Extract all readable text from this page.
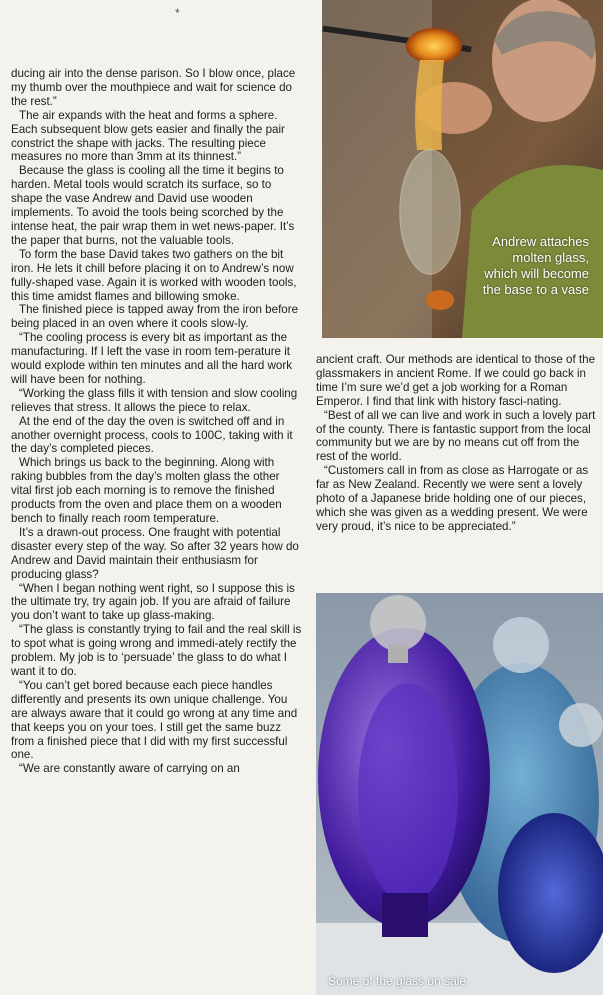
*

ducing air into the dense parison. So I blow once, place my thumb over the mouthpiece and wait for science do the rest.”

The air expands with the heat and forms a sphere. Each subsequent blow gets easier and finally the pair constrict the shape with jacks. The resulting piece measures no more than 3mm at its thinnest.”

Because the glass is cooling all the time it begins to harden. Metal tools would scratch its surface, so to shape the vase Andrew and David use wooden implements. To avoid the tools being scorched by the intense heat, the pair wrap them in wet news-paper. It’s the paper that burns, not the valuable tools.

To form the base David takes two gathers on the bit iron. He lets it chill before placing it on to Andrew’s now fully-shaped vase. Again it is worked with wooden tools, this time amidst flames and billowing smoke.

The finished piece is tapped away from the iron before being placed in an oven where it cools slow-ly.

“The cooling process is every bit as important as the manufacturing. If I left the vase in room tem-perature it would explode within ten minutes and all the hard work will have been for nothing.

“Working the glass fills it with tension and slow cooling relieves that stress. It allows the piece to relax.

At the end of the day the oven is switched off and in another overnight process, cools to 100C, taking with it the day’s completed pieces.

Which brings us back to the beginning. Along with raking bubbles from the day’s molten glass the other vital first job each morning is to remove the finished products from the oven and place them on a wooden bench to finally reach room temperature.

It’s a drawn-out process. One fraught with potential disaster every step of the way. So after 32 years how do Andrew and David maintain their enthusiasm for producing glass?

“When I began nothing went right, so I suppose this is the ultimate try, try again job. If you are afraid of failure you don’t want to take up glass-making.

“The glass is constantly trying to fail and the real skill is to spot what is going wrong and immedi-ately rectify the problem. My job is to ‘persuade’ the glass to do what I want it to do.

“You can’t get bored because each piece handles differently and presents its own unique challenge. You are always aware that it could go wrong at any time and that keeps you on your toes. I still get the same buzz from a finished piece that I did with my first successful one.

“We are constantly aware of carrying on an

Andrew attaches molten glass, which will become the base to a vase

ancient craft. Our methods are identical to those of the glassmakers in ancient Rome. If we could go back in time I’m sure we’d get a job working for a Roman Emperor. I find that link with history fasci-nating.

“Best of all we can live and work in such a lovely part of the county. There is fantastic support from the local community but we are by no means cut off from the rest of the world.

“Customers call in from as close as Harrogate or as far as New Zealand. Recently we were sent a lovely photo of a Japanese bride holding one of our pieces, which she was given as a wedding present. We were very proud, it’s nice to be appreciated.”

Some of the glass on sale
